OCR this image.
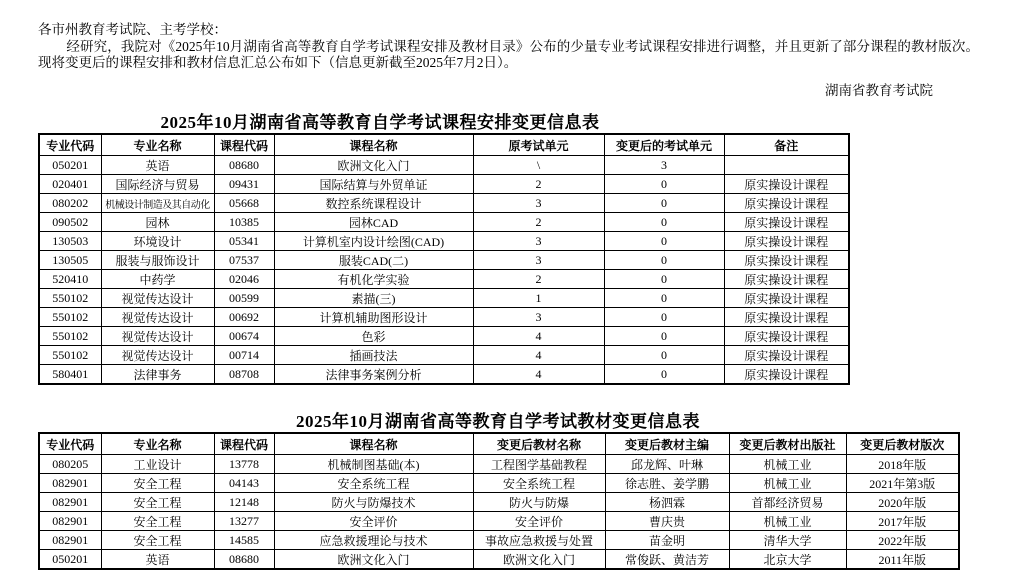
各市州教育考试院、主考学校：

经研究，我院对《2025年10月湖南省高等教育自学考试课程安排及教材目录》公布的少量专业考试课程安排进行调整，并且更新了部分课程的教材版次。现将变更后的课程安排和教材信息汇总公布如下（信息更新截至2025年7月2日）。

湖南省教育考试院

2025年10月湖南省高等教育自学考试课程安排变更信息表
专业代码	专业名称	课程代码	课程名称	原考试单元	变更后的考试单元	备注
050201	英语	08680	欧洲文化入门	\	3	
020401	国际经济与贸易	09431	国际结算与外贸单证	2	0	原实操设计课程
080202	机械设计制造及其自动化	05668	数控系统课程设计	3	0	原实操设计课程
090502	园林	10385	园林CAD	2	0	原实操设计课程
130503	环境设计	05341	计算机室内设计绘图(CAD)	3	0	原实操设计课程
130505	服装与服饰设计	07537	服装CAD(二)	3	0	原实操设计课程
520410	中药学	02046	有机化学实验	2	0	原实操设计课程
550102	视觉传达设计	00599	素描(三)	1	0	原实操设计课程
550102	视觉传达设计	00692	计算机辅助图形设计	3	0	原实操设计课程
550102	视觉传达设计	00674	色彩	4	0	原实操设计课程
550102	视觉传达设计	00714	插画技法	4	0	原实操设计课程
580401	法律事务	08708	法律事务案例分析	4	0	原实操设计课程
2025年10月湖南省高等教育自学考试教材变更信息表
专业代码	专业名称	课程代码	课程名称	变更后教材名称	变更后教材主编	变更后教材出版社	变更后教材版次
080205	工业设计	13778	机械制图基础(本)	工程图学基础教程	邱龙辉、叶琳	机械工业	2018年版
082901	安全工程	04143	安全系统工程	安全系统工程	徐志胜、姜学鹏	机械工业	2021年第3版
082901	安全工程	12148	防火与防爆技术	防火与防爆	杨泗霖	首都经济贸易	2020年版
082901	安全工程	13277	安全评价	安全评价	曹庆贵	机械工业	2017年版
082901	安全工程	14585	应急救援理论与技术	事故应急救援与处置	苗金明	清华大学	2022年版
050201	英语	08680	欧洲文化入门	欧洲文化入门	常俊跃、黄洁芳	北京大学	2011年版
